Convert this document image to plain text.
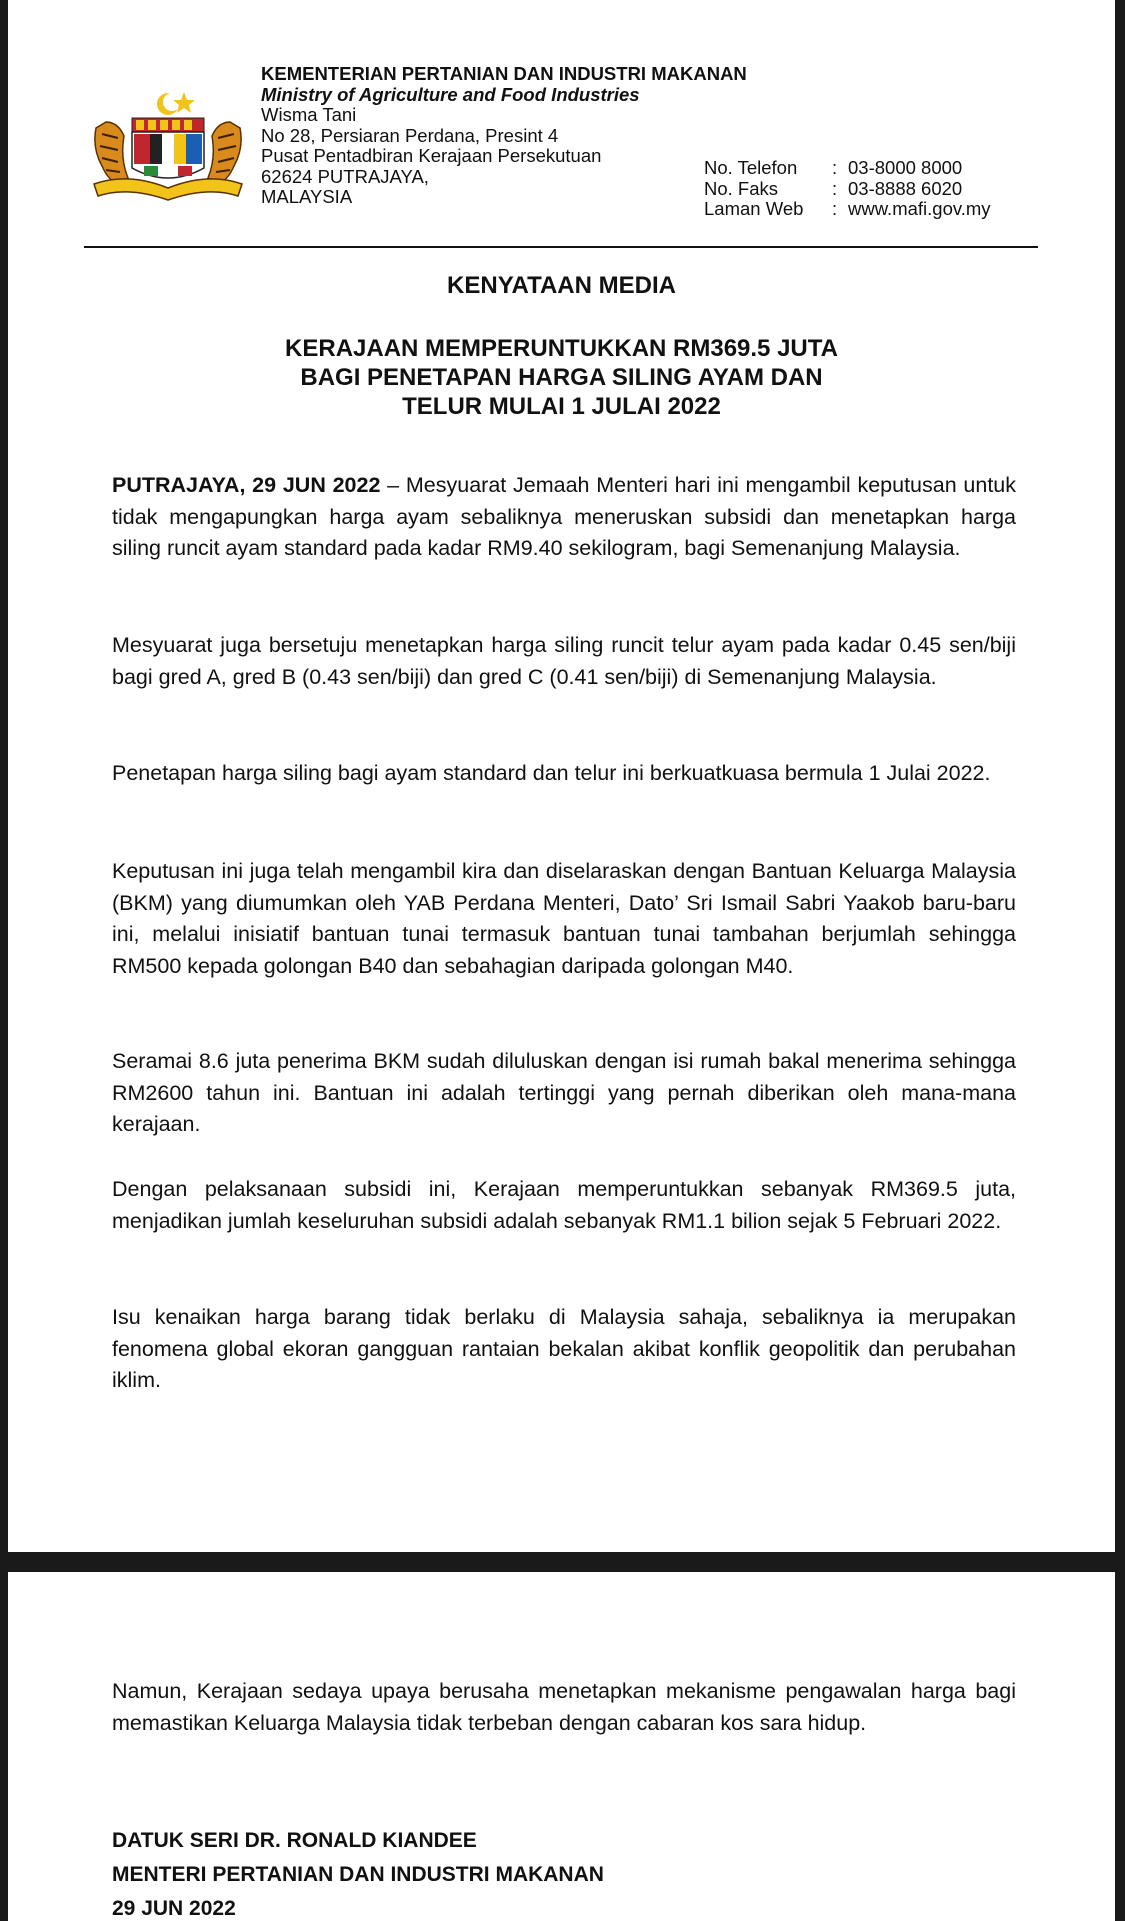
KEMENTERIAN PERTANIAN DAN INDUSTRI MAKANAN
Ministry of Agriculture and Food Industries
Wisma Tani
No 28, Persiaran Perdana, Presint 4
Pusat Pentadbiran Kerajaan Persekutuan
62624 PUTRAJAYA,
MALAYSIA
No. Telefon	: 03-8000 8000
No. Faks	: 03-8888 6020
Laman Web	: www.mafi.gov.my
KENYATAAN MEDIA
KERAJAAN MEMPERUNTUKKAN RM369.5 JUTA
BAGI PENETAPAN HARGA SILING AYAM DAN
TELUR MULAI 1 JULAI 2022

PUTRAJAYA, 29 JUN 2022 – Mesyuarat Jemaah Menteri hari ini mengambil keputusan untuk tidak mengapungkan harga ayam sebaliknya meneruskan subsidi dan menetapkan harga siling runcit ayam standard pada kadar RM9.40 sekilogram, bagi Semenanjung Malaysia.

Mesyuarat juga bersetuju menetapkan harga siling runcit telur ayam pada kadar 0.45 sen/biji bagi gred A, gred B (0.43 sen/biji) dan gred C (0.41 sen/biji) di Semenanjung Malaysia.

Penetapan harga siling bagi ayam standard dan telur ini berkuatkuasa bermula 1 Julai 2022.

Keputusan ini juga telah mengambil kira dan diselaraskan dengan Bantuan Keluarga Malaysia (BKM) yang diumumkan oleh YAB Perdana Menteri, Dato’ Sri Ismail Sabri Yaakob baru-baru ini, melalui inisiatif bantuan tunai termasuk bantuan tunai tambahan berjumlah sehingga RM500 kepada golongan B40 dan sebahagian daripada golongan M40.

Seramai 8.6 juta penerima BKM sudah diluluskan dengan isi rumah bakal menerima sehingga RM2600 tahun ini. Bantuan ini adalah tertinggi yang pernah diberikan oleh mana-mana kerajaan.

Dengan pelaksanaan subsidi ini, Kerajaan memperuntukkan sebanyak RM369.5 juta, menjadikan jumlah keseluruhan subsidi adalah sebanyak RM1.1 bilion sejak 5 Februari 2022.

Isu kenaikan harga barang tidak berlaku di Malaysia sahaja, sebaliknya ia merupakan fenomena global ekoran gangguan rantaian bekalan akibat konflik geopolitik dan perubahan iklim.

Namun, Kerajaan sedaya upaya berusaha menetapkan mekanisme pengawalan harga bagi memastikan Keluarga Malaysia tidak terbeban dengan cabaran kos sara hidup.

DATUK SERI DR. RONALD KIANDEE
MENTERI PERTANIAN DAN INDUSTRI MAKANAN
29 JUN 2022
